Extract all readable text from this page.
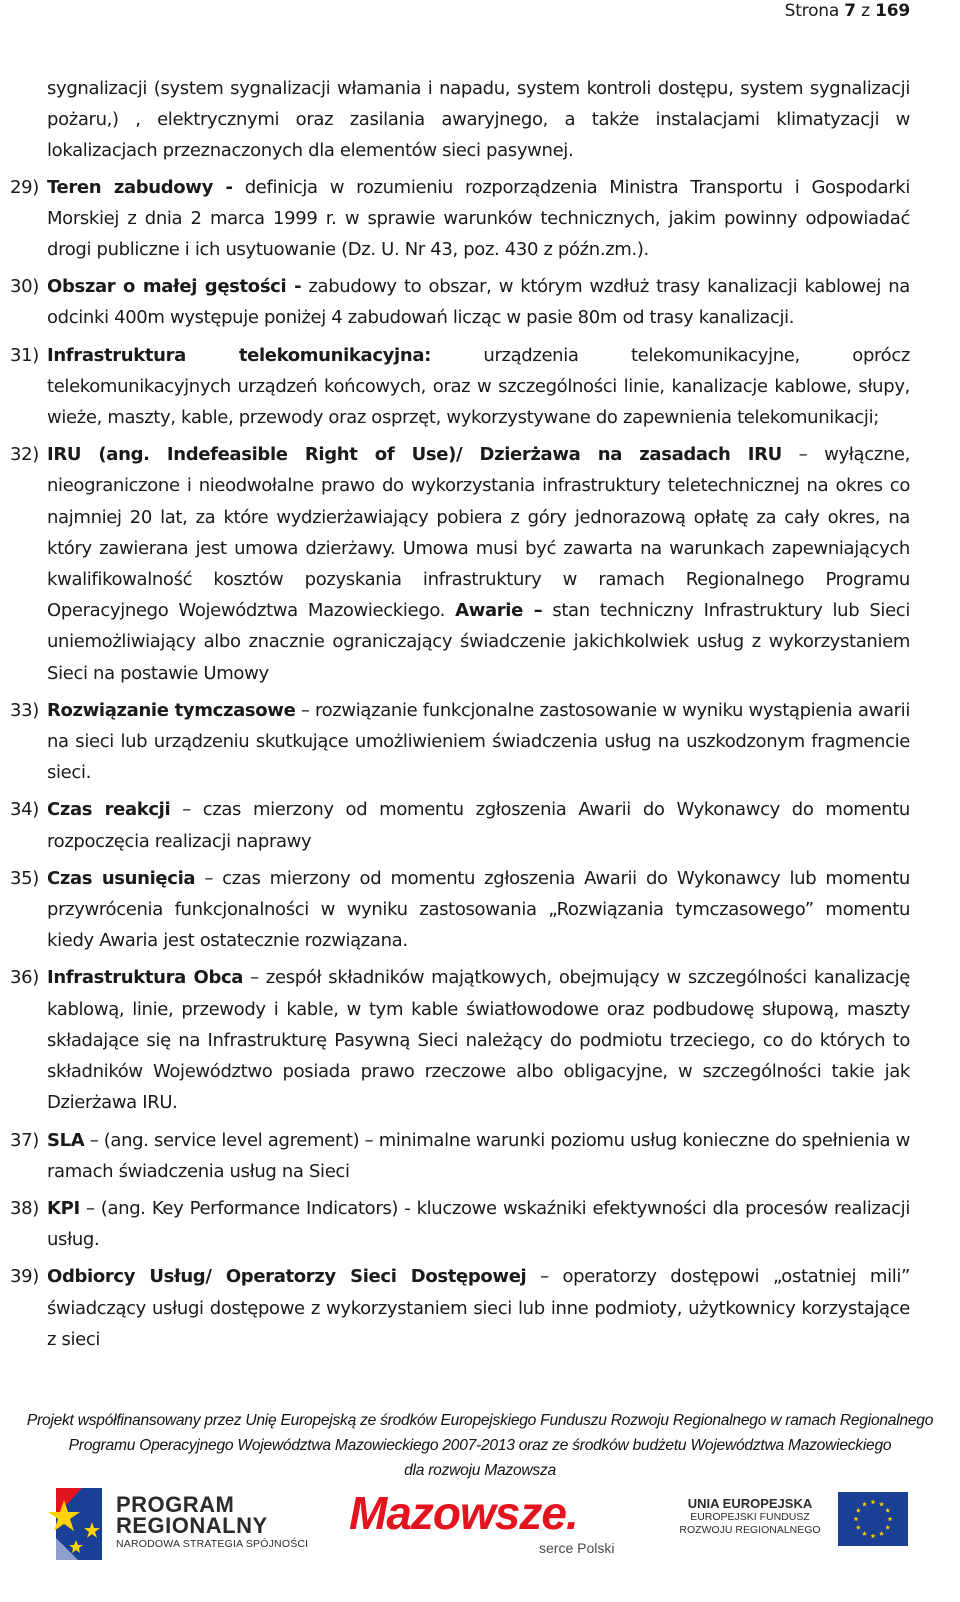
Strona 7 z 169

sygnalizacji (system sygnalizacji włamania i napadu, system kontroli dostępu, system sygnalizacji pożaru,) , elektrycznymi oraz zasilania awaryjnego, a także instalacjami klimatyzacji w lokalizacjach przeznaczonych dla elementów sieci pasywnej.

29) Teren zabudowy - definicja w rozumieniu rozporządzenia Ministra Transportu i Gospodarki Morskiej z dnia 2 marca 1999 r. w sprawie warunków technicznych, jakim powinny odpowiadać drogi publiczne i ich usytuowanie (Dz. U. Nr 43, poz. 430 z późn.zm.).
30) Obszar o małej gęstości - zabudowy to obszar, w którym wzdłuż trasy kanalizacji kablowej na odcinki 400m występuje poniżej 4 zabudowań licząc w pasie 80m od trasy kanalizacji.
31) Infrastruktura telekomunikacyjna: urządzenia telekomunikacyjne, oprócz telekomunikacyjnych urządzeń końcowych, oraz w szczególności linie, kanalizacje kablowe, słupy, wieże, maszty, kable, przewody oraz osprzęt, wykorzystywane do zapewnienia telekomunikacji;
32) IRU (ang. Indefeasible Right of Use)/ Dzierżawa na zasadach IRU – wyłączne, nieograniczone i nieodwołalne prawo do wykorzystania infrastruktury teletechnicznej na okres co najmniej 20 lat, za które wydzierżawiający pobiera z góry jednorazową opłatę za cały okres, na który zawierana jest umowa dzierżawy. Umowa musi być zawarta na warunkach zapewniających kwalifikowalność kosztów pozyskania infrastruktury w ramach Regionalnego Programu Operacyjnego Województwa Mazowieckiego. Awarie – stan techniczny Infrastruktury lub Sieci uniemożliwiający albo znacznie ograniczający świadczenie jakichkolwiek usług z wykorzystaniem Sieci na postawie Umowy
33) Rozwiązanie tymczasowe – rozwiązanie funkcjonalne zastosowanie w wyniku wystąpienia awarii na sieci lub urządzeniu skutkujące umożliwieniem świadczenia usług na uszkodzonym fragmencie sieci.
34) Czas reakcji – czas mierzony od momentu zgłoszenia Awarii do Wykonawcy do momentu rozpoczęcia realizacji naprawy
35) Czas usunięcia – czas mierzony od momentu zgłoszenia Awarii do Wykonawcy lub momentu przywrócenia funkcjonalności w wyniku zastosowania „Rozwiązania tymczasowego” momentu kiedy Awaria jest ostatecznie rozwiązana.
36) Infrastruktura Obca – zespół składników majątkowych, obejmujący w szczególności kanalizację kablową, linie, przewody i kable, w tym kable światłowodowe oraz podbudowę słupową, maszty składające się na Infrastrukturę Pasywną Sieci należący do podmiotu trzeciego, co do których to składników Województwo posiada prawo rzeczowe albo obligacyjne, w szczególności takie jak Dzierżawa IRU.
37) SLA – (ang. service level agrement) – minimalne warunki poziomu usług konieczne do spełnienia w ramach świadczenia usług na Sieci
38) KPI – (ang. Key Performance Indicators) - kluczowe wskaźniki efektywności dla procesów realizacji usług.
39) Odbiorcy Usług/ Operatorzy Sieci Dostępowej – operatorzy dostępowi „ostatniej mili” świadczący usługi dostępowe z wykorzystaniem sieci lub inne podmioty, użytkownicy korzystające z sieci
Projekt współfinansowany przez Unię Europejską ze środków Europejskiego Funduszu Rozwoju Regionalnego w ramach Regionalnego
Programu Operacyjnego Województwa Mazowieckiego 2007-2013 oraz ze środków budżetu Województwa Mazowieckiego
dla rozwoju Mazowsza
PROGRAM
REGIONALNY
NARODOWA STRATEGIA SPÓJNOŚCI
Mazowsze.
serce Polski
UNIA EUROPEJSKA
EUROPEJSKI FUNDUSZ
ROZWOJU REGIONALNEGO
